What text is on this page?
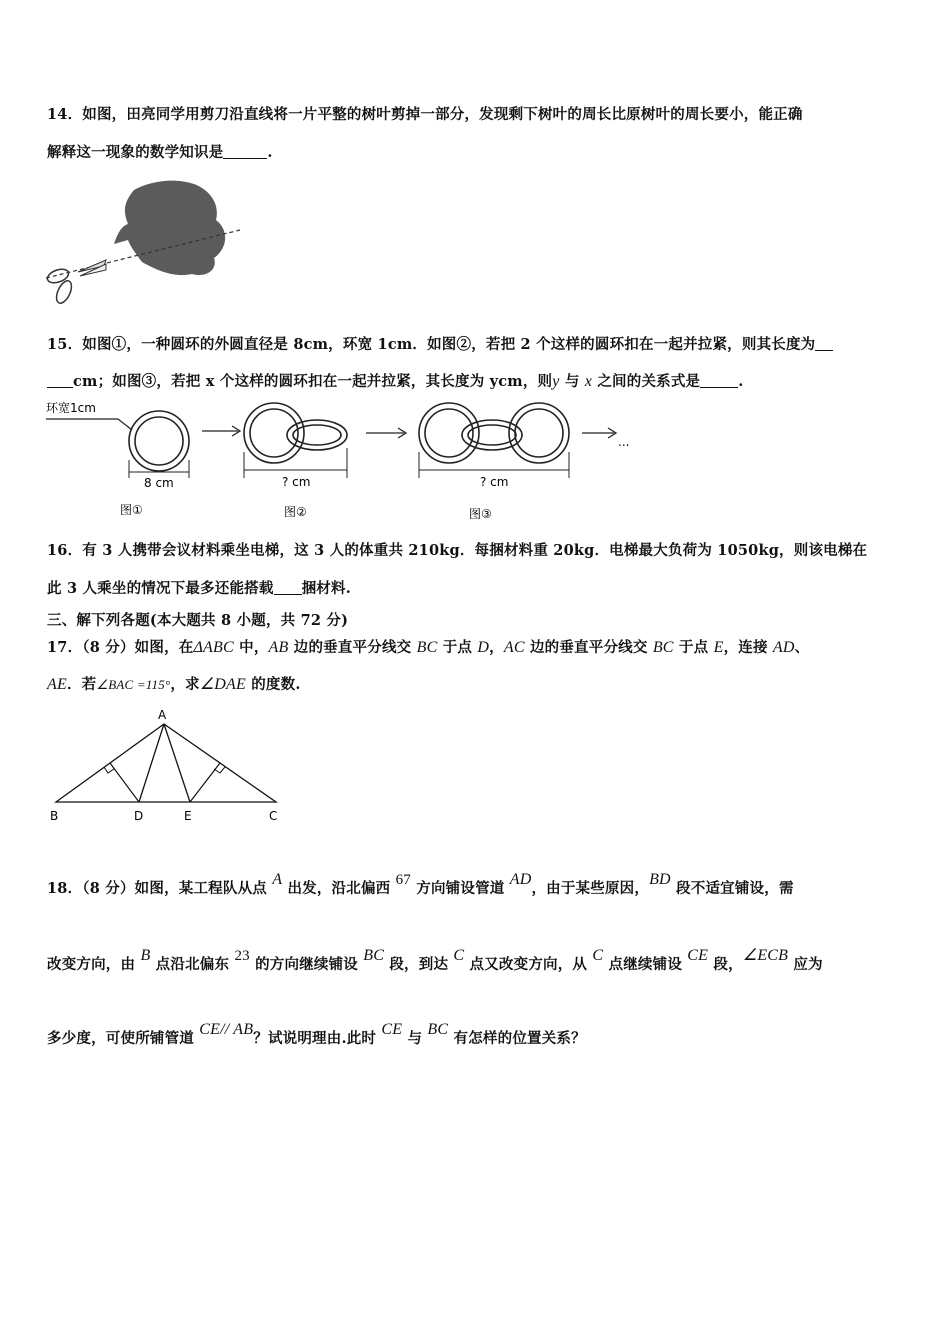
14．如图，田亮同学用剪刀沿直线将一片平整的树叶剪掉一部分，发现剩下树叶的周长比原树叶的周长要小，能正确
解释这一现象的数学知识是	.
15．如图①，一种圆环的外圆直径是 8cm，环宽 1cm．如图②，若把 2 个这样的圆环扣在一起并拉紧，则其长度为
cm；如图③，若把 x 个这样的圆环扣在一起并拉紧，其长度为 ycm，则y 与 x 之间的关系式是	.
环宽1cm
8 cm
图①
? cm
图②
? cm
图③
...
16．有 3 人携带会议材料乘坐电梯，这 3 人的体重共 210kg．每捆材料重 20kg．电梯最大负荷为 1050kg，则该电梯在
此 3 人乘坐的情况下最多还能搭载 捆材料.
三、解下列各题(本大题共 8 小题，共 72 分)
17．（8 分）如图，在ΔABC 中，AB 边的垂直平分线交 BC 于点 D，AC 边的垂直平分线交 BC 于点 E，连接 AD、
AE．若∠BAC =115°，求∠DAE 的度数.
A
B	D	E	C
18．（8 分）如图，某工程队从点 A 出发，沿北偏西 67 方向铺设管道 AD，由于某些原因，BD 段不适宜铺设，需
改变方向，由 B 点沿北偏东 23 的方向继续铺设 BC 段，到达 C 点又改变方向，从 C 点继续铺设 CE 段，∠ECB 应为
多少度，可使所铺管道 CE// AB？试说明理由.此时 CE 与 BC 有怎样的位置关系？
